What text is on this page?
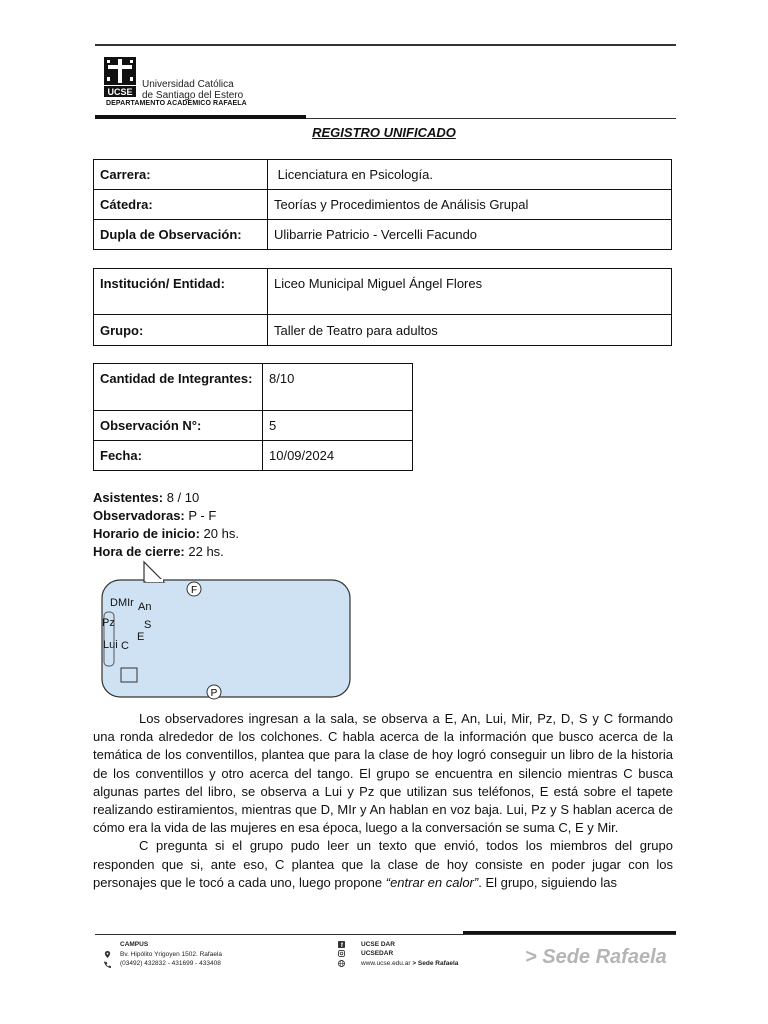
UCSE
Universidad Católica
de Santiago del Estero
DEPARTAMENTO ACADÉMICO RAFAELA
REGISTRO UNIFICADO
Carrera:	Licenciatura en Psicología.
Cátedra:	Teorías y Procedimientos de Análisis Grupal
Dupla de Observación:	Ulibarrie Patricio - Vercelli Facundo
Institución/ Entidad:	Liceo Municipal Miguel Ángel Flores
Grupo:	Taller de Teatro para adultos
Cantidad de Integrantes:	8/10
Observación N°:	5
Fecha:	10/09/2024
Asistentes: 8 / 10
Observadoras: P - F
Horario de inicio: 20 hs.
Hora de cierre: 22 hs.
F
P
DMIr An
Pz	S
E
Lui C

Los observadores ingresan a la sala, se observa a E, An, Lui, Mir, Pz, D, S y C formando una ronda alrededor de los colchones. C habla acerca de la información que busco acerca de la temática de los conventillos, plantea que para la clase de hoy logró conseguir un libro de la historia de los conventillos y otro acerca del tango. El grupo se encuentra en silencio mientras C busca algunas partes del libro, se observa a Lui y Pz que utilizan sus teléfonos, E está sobre el tapete realizando estiramientos, mientras que D, MIr y An hablan en voz baja. Lui, Pz y S hablan acerca de cómo era la vida de las mujeres en esa época, luego a la conversación se suma C, E y Mir.

C pregunta si el grupo pudo leer un texto que envió, todos los miembros del grupo responden que si, ante eso, C plantea que la clase de hoy consiste en poder jugar con los personajes que le tocó a cada uno, luego propone “entrar en calor”. El grupo, siguiendo las

CAMPUS
Bv. Hipólito Yrigoyen 1502. Rafaela
(03492) 432832 - 431699 - 433408
f	UCSE DAR
UCSEDAR
www.ucse.edu.ar > Sede Rafaela	> Sede Rafaela
